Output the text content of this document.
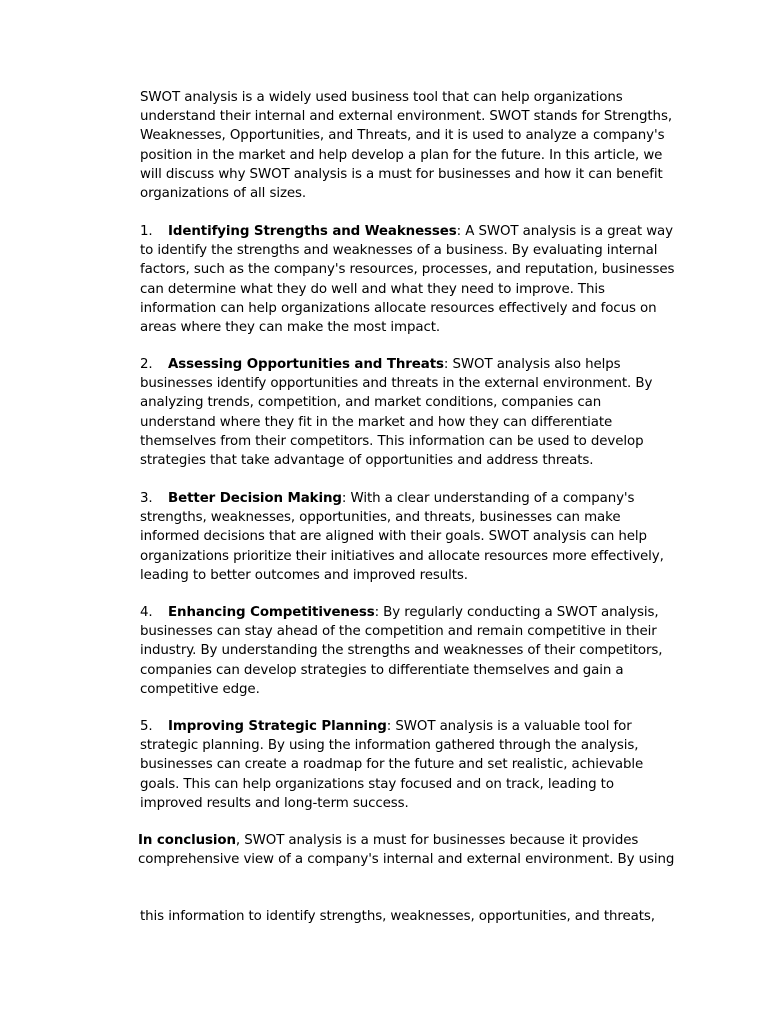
SWOT analysis is a widely used business tool that can help organizations understand their internal and external environment. SWOT stands for Strengths, Weaknesses, Opportunities, and Threats, and it is used to analyze a company's position in the market and help develop a plan for the future. In this article, we will discuss why SWOT analysis is a must for businesses and how it can benefit organizations of all sizes.

1. Identifying Strengths and Weaknesses: A SWOT analysis is a great way to identify the strengths and weaknesses of a business. By evaluating internal factors, such as the company's resources, processes, and reputation, businesses can determine what they do well and what they need to improve. This information can help organizations allocate resources effectively and focus on areas where they can make the most impact.

2. Assessing Opportunities and Threats: SWOT analysis also helps businesses identify opportunities and threats in the external environment. By analyzing trends, competition, and market conditions, companies can understand where they fit in the market and how they can differentiate themselves from their competitors. This information can be used to develop strategies that take advantage of opportunities and address threats.

3. Better Decision Making: With a clear understanding of a company's strengths, weaknesses, opportunities, and threats, businesses can make informed decisions that are aligned with their goals. SWOT analysis can help organizations prioritize their initiatives and allocate resources more effectively, leading to better outcomes and improved results.

4. Enhancing Competitiveness: By regularly conducting a SWOT analysis, businesses can stay ahead of the competition and remain competitive in their industry. By understanding the strengths and weaknesses of their competitors, companies can develop strategies to differentiate themselves and gain a competitive edge.

5. Improving Strategic Planning: SWOT analysis is a valuable tool for strategic planning. By using the information gathered through the analysis, businesses can create a roadmap for the future and set realistic, achievable goals. This can help organizations stay focused and on track, leading to improved results and long-term success.

In conclusion, SWOT analysis is a must for businesses because it provides comprehensive view of a company's internal and external environment. By using

this information to identify strengths, weaknesses, opportunities, and threats,
